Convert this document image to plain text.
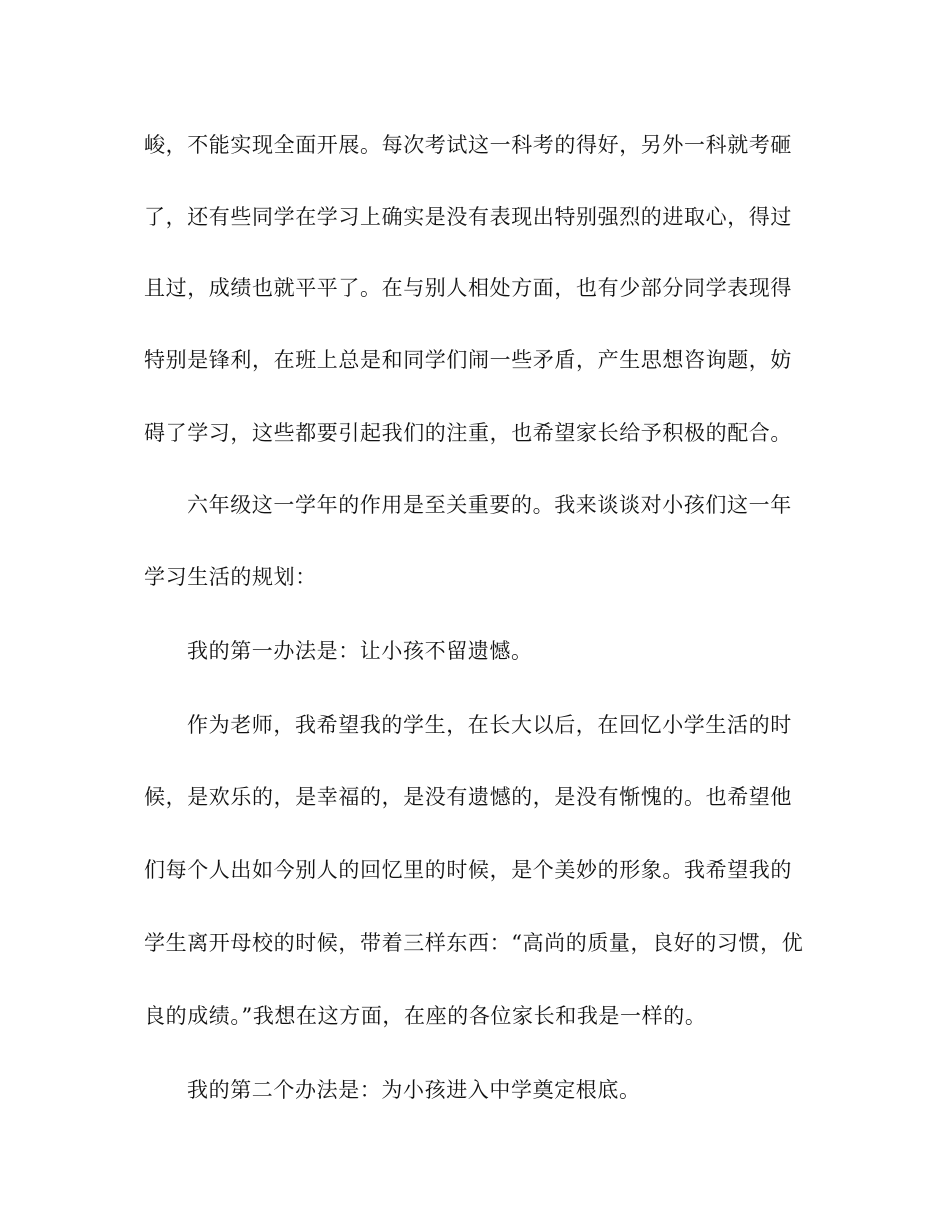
峻，不能实现全面开展。每次考试这一科考的得好，另外一科就考砸
了，还有些同学在学习上确实是没有表现出特别强烈的进取心，得过
且过，成绩也就平平了。在与别人相处方面，也有少部分同学表现得
特别是锋利，在班上总是和同学们闹一些矛盾，产生思想咨询题，妨
碍了学习，这些都要引起我们的注重，也希望家长给予积极的配合。
六年级这一学年的作用是至关重要的。我来谈谈对小孩们这一年
学习生活的规划：
我的第一办法是：让小孩不留遗憾。
作为老师，我希望我的学生，在长大以后，在回忆小学生活的时
候，是欢乐的，是幸福的，是没有遗憾的，是没有惭愧的。也希望他
们每个人出如今别人的回忆里的时候，是个美妙的形象。我希望我的
学生离开母校的时候，带着三样东西：“高尚的质量，良好的习惯，优
良的成绩。”我想在这方面，在座的各位家长和我是一样的。
我的第二个办法是：为小孩进入中学奠定根底。
